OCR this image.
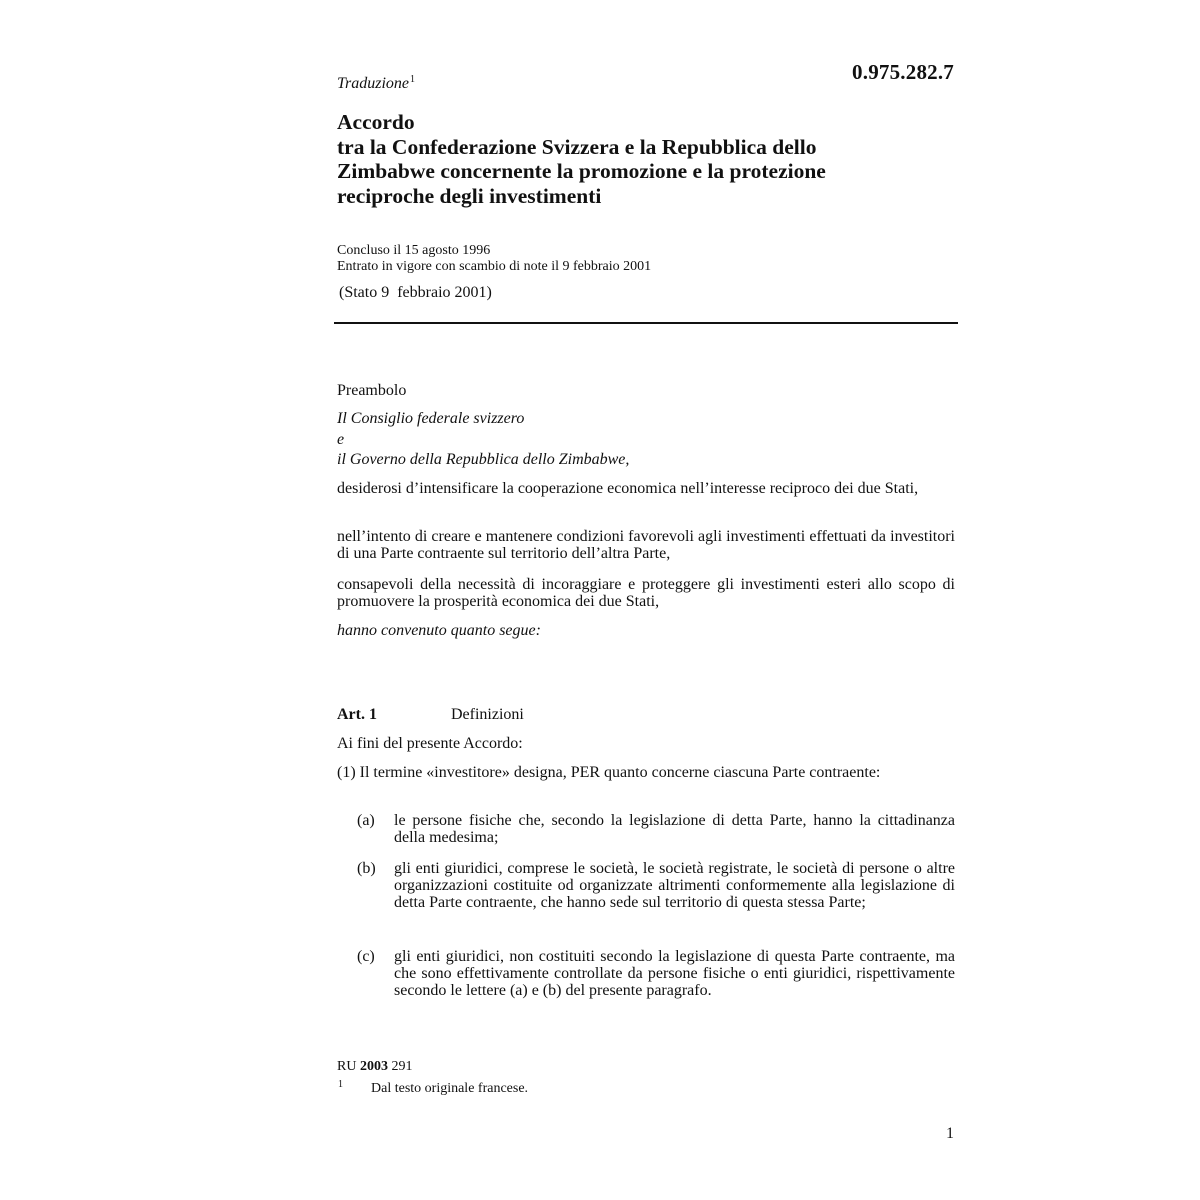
0.975.282.7
Traduzione$^1$
Accordo
tra la Confederazione Svizzera e la Repubblica dello
Zimbabwe concernente la promozione e la protezione
reciproche degli investimenti
Concluso il 15 agosto 1996
Entrato in vigore con scambio di note il 9 febbraio 2001
(Stato 9  febbraio 2001)
Preambolo
Il Consiglio federale svizzero
e
il Governo della Repubblica dello Zimbabwe,
desiderosi d’intensificare la cooperazione economica nell’interesse reciproco dei due Stati,
nell’intento di creare e mantenere condizioni favorevoli agli investimenti effettuati da investitori di una Parte contraente sul territorio dell’altra Parte,
consapevoli della necessità di incoraggiare e proteggere gli investimenti esteri allo scopo di promuovere la prosperità economica dei due Stati,
hanno convenuto quanto segue:
Art. 1	Definizioni
Ai fini del presente Accordo:
(1) Il termine «investitore» designa, PER quanto concerne ciascuna Parte contraente:
(a) le persone fisiche che, secondo la legislazione di detta Parte, hanno la cittadinanza della medesima;
(b) gli enti giuridici, comprese le società, le società registrate, le società di persone o altre organizzazioni costituite od organizzate altrimenti conformemente alla legislazione di detta Parte contraente, che hanno sede sul territorio di questa stessa Parte;
(c) gli enti giuridici, non costituiti secondo la legislazione di questa Parte contraente, ma che sono effettivamente controllate da persone fisiche o enti giuridici, rispettivamente secondo le lettere (a) e (b) del presente paragrafo.
RU 2003 291
1 Dal testo originale francese.
1
